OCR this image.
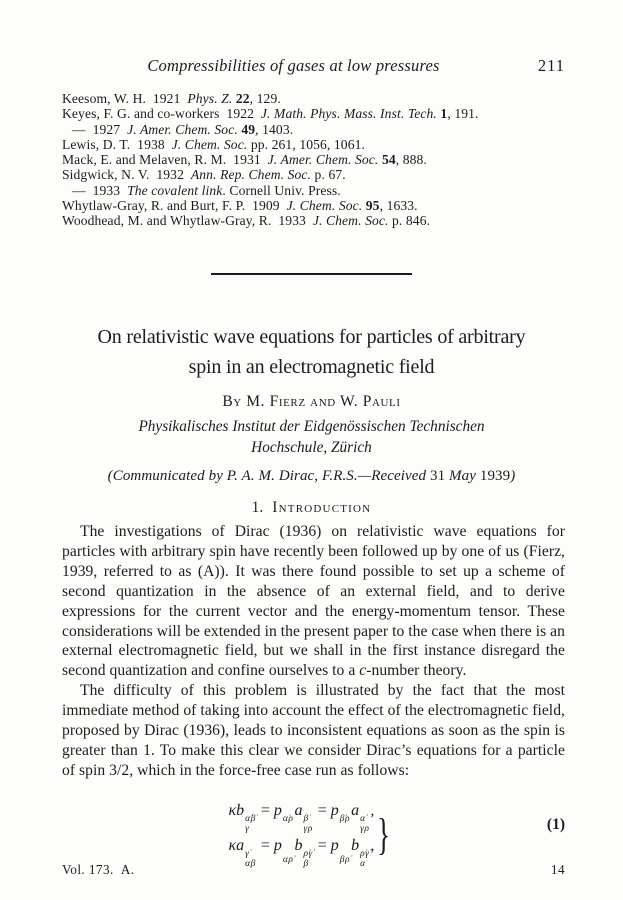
Compressibilities of gases at low pressures	211
Keesom, W. H. 1921 Phys. Z. 22, 129.
Keyes, F. G. and co-workers 1922 J. Math. Phys. Mass. Inst. Tech. 1, 191.
— 1927 J. Amer. Chem. Soc. 49, 1403.
Lewis, D. T. 1938 J. Chem. Soc. pp. 261, 1056, 1061.
Mack, E. and Melaven, R. M. 1931 J. Amer. Chem. Soc. 54, 888.
Sidgwick, N. V. 1932 Ann. Rep. Chem. Soc. p. 67.
— 1933 The covalent link. Cornell Univ. Press.
Whytlaw-Gray, R. and Burt, F. P. 1909 J. Chem. Soc. 95, 1633.
Woodhead, M. and Whytlaw-Gray, R. 1933 J. Chem. Soc. p. 846.
On relativistic wave equations for particles of arbitrary
spin in an electromagnetic field
By M. Fierz and W. Pauli
Physikalisches Institut der Eidgenössischen Technischen
Hochschule, Zürich
(Communicated by P. A. M. Dirac, F.R.S.—Received 31 May 1939)
1. Introduction

The investigations of Dirac (1936) on relativistic wave equations for particles with arbitrary spin have recently been followed up by one of us (Fierz, 1939, referred to as (A)). It was there found possible to set up a scheme of second quantization in the absence of an external field, and to derive expressions for the current vector and the energy-momentum tensor. These considerations will be extended in the present paper to the case when there is an external electromagnetic field, but we shall in the first instance disregard the second quantization and confine ourselves to a c-number theory.

The difficulty of this problem is illustrated by the fact that the most immediate method of taking into account the effect of the electromagnetic field, proposed by Dirac (1936), leads to inconsistent equations as soon as the spin is greater than 1. To make this clear we consider Dirac’s equations for a particle of spin 3/2, which in the force-free case run as follows:

κb α̇β̇
γ
= p α̇ρ a β̇
γρ
= p β̇ρ a α̇
γρ
,
κa γ̇
αβ
= p
αρ̇
b ρ̇γ̇
β
= p
βρ̇
b ρ̇γ̇
α
, }	(1)
Vol. 173. A.	14
